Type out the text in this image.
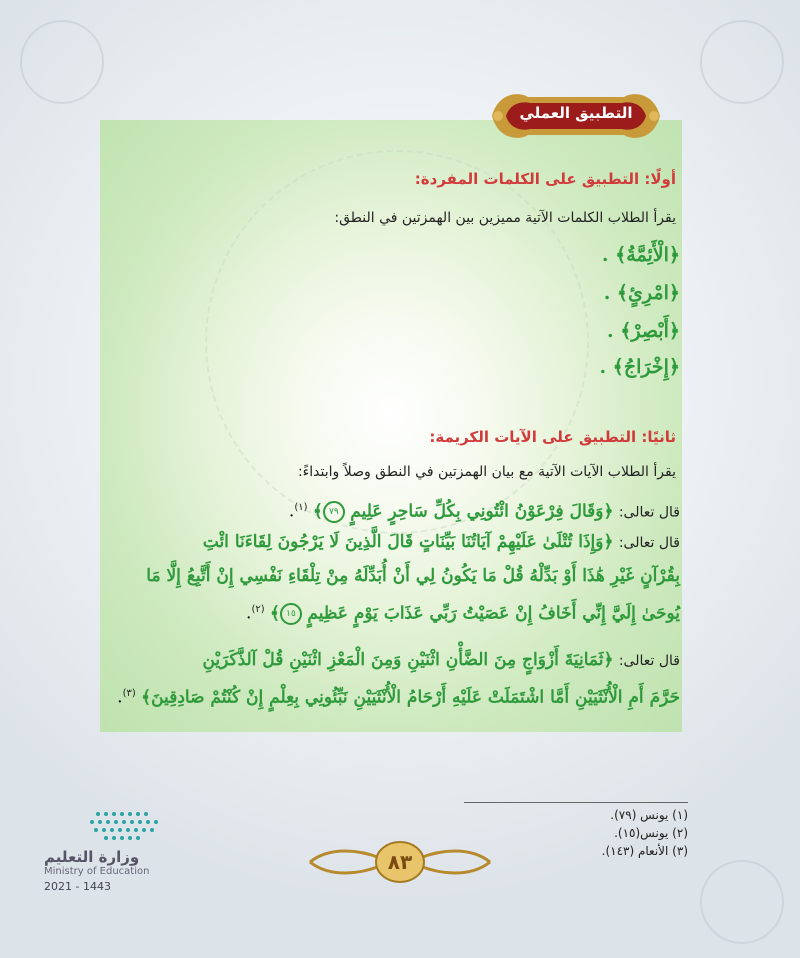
التطبيق العملي
أولًا: التطبيق على الكلمات المفردة:
يقرأ الطلاب الكلمات الآتية مميزين بين الهمزتين في النطق:
﴿الْأَئِمَّةُ﴾ .
﴿امْرِئٍ﴾ .
﴿أَبْصِرْ﴾ .
﴿إِخْرَاجُ﴾ .
ثانيًا: التطبيق على الآيات الكريمة:
يقرأ الطلاب الآيات الآتية مع بيان الهمزتين في النطق وصلاً وابتداءً:
قال تعالى: ﴿وَقَالَ فِرْعَوْنُ ائْتُونِي بِكُلِّ سَاحِرٍ عَلِيمٍ ٧٩﴾ $^{(١)}$.
قال تعالى: ﴿وَإِذَا تُتْلَىٰ عَلَيْهِمْ آيَاتُنَا بَيِّنَاتٍ قَالَ الَّذِينَ لَا يَرْجُونَ لِقَاءَنَا ائْتِ
بِقُرْآنٍ غَيْرِ هَٰذَا أَوْ بَدِّلْهُ قُلْ مَا يَكُونُ لِي أَنْ أُبَدِّلَهُ مِنْ تِلْقَاءِ نَفْسِي إِنْ أَتَّبِعُ إِلَّا مَا
يُوحَىٰ إِلَيَّ إِنِّي أَخَافُ إِنْ عَصَيْتُ رَبِّي عَذَابَ يَوْمٍ عَظِيمٍ ١٥﴾ $^{(٢)}$.
قال تعالى: ﴿ثَمَانِيَةَ أَزْوَاجٍ مِنَ الضَّأْنِ اثْنَيْنِ وَمِنَ الْمَعْزِ اثْنَيْنِ قُلْ آلذَّكَرَيْنِ
حَرَّمَ أَمِ الْأُنْثَيَيْنِ أَمَّا اشْتَمَلَتْ عَلَيْهِ أَرْحَامُ الْأُنْثَيَيْنِ نَبِّئُونِي بِعِلْمٍ إِنْ كُنْتُمْ صَادِقِينَ﴾ $^{(٣)}$.
(١) يونس (٧٩).
(٢) يونس(١٥).
(٣) الأنعام (١٤٣).
٨٣
وزارة التعليم
Ministry of Education
2021 - 1443
